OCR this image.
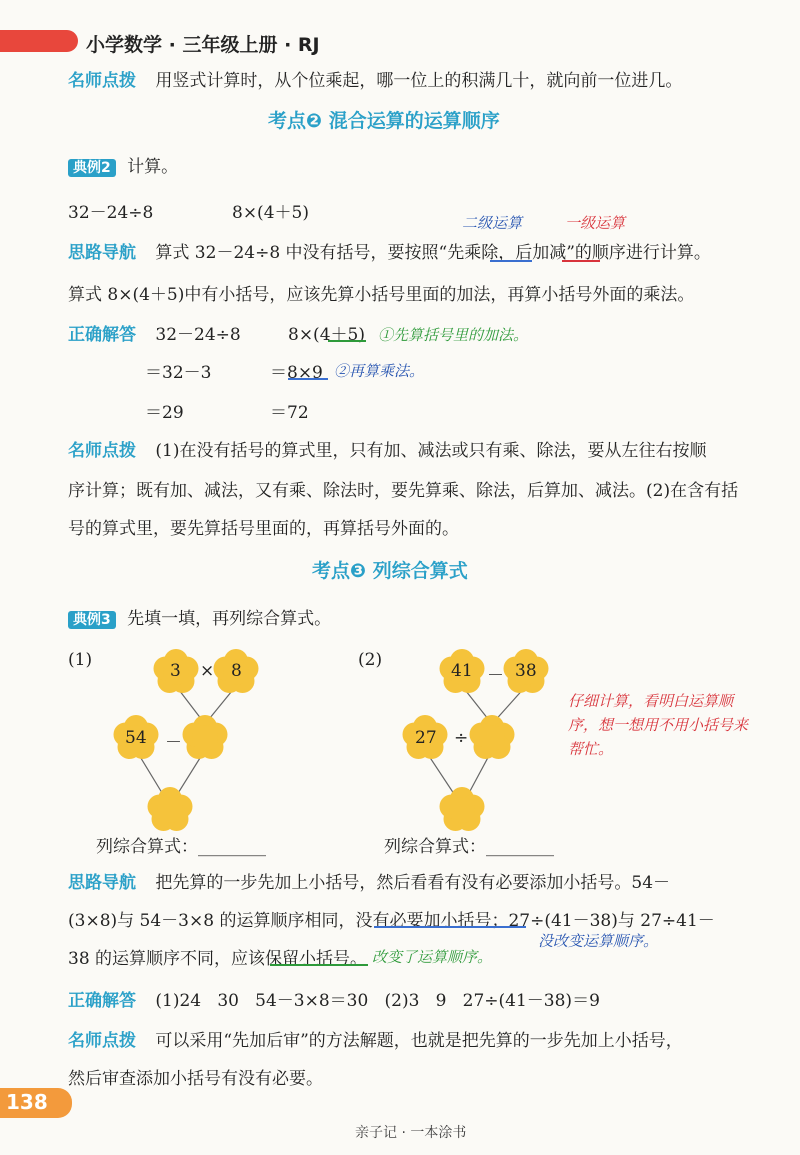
小学数学 · 三年级上册 · RJ
名师点拨 用竖式计算时，从个位乘起，哪一位上的积满几十，就向前一位进几。
考点❷ 混合运算的运算顺序
典例2 计算。
32－24÷8	8×(4＋5)	二级运算	一级运算
思路导航 算式 32－24÷8 中没有括号，要按照“先乘除，后加减”的顺序进行计算。
算式 8×(4＋5)中有小括号，应该先算小括号里面的加法，再算小括号外面的乘法。
正确解答 32－24÷8	8×(4＋5) ①先算括号里的加法。
＝32－3	＝8×9 ②再算乘法。
＝29	＝72
名师点拨 (1)在没有括号的算式里，只有加、减法或只有乘、除法，要从左往右按顺
序计算；既有加、减法，又有乘、除法时，要先算乘、除法，后算加、减法。(2)在含有括
号的算式里，要先算括号里面的，再算括号外面的。
考点❸ 列综合算式
典例3 先填一填，再列综合算式。
(1)
3 × 8
54 －
列综合算式：________
(2)
41 － 38
27 ÷
列综合算式：________
仔细计算，看明白运算顺
序，想一想用不用小括号来
帮忙。
思路导航 把先算的一步先加上小括号，然后看看有没有必要添加小括号。54－
(3×8)与 54－3×8 的运算顺序相同，没有必要加小括号；27÷(41－38)与 27÷41－
没改变运算顺序。
38 的运算顺序不同，应该保留小括号。 改变了运算顺序。
正确解答 (1)24   30   54－3×8＝30   (2)3   9   27÷(41－38)＝9
名师点拨 可以采用“先加后审”的方法解题，也就是把先算的一步先加上小括号，
然后审查添加小括号有没有必要。
138
亲子记 · 一本涂书
